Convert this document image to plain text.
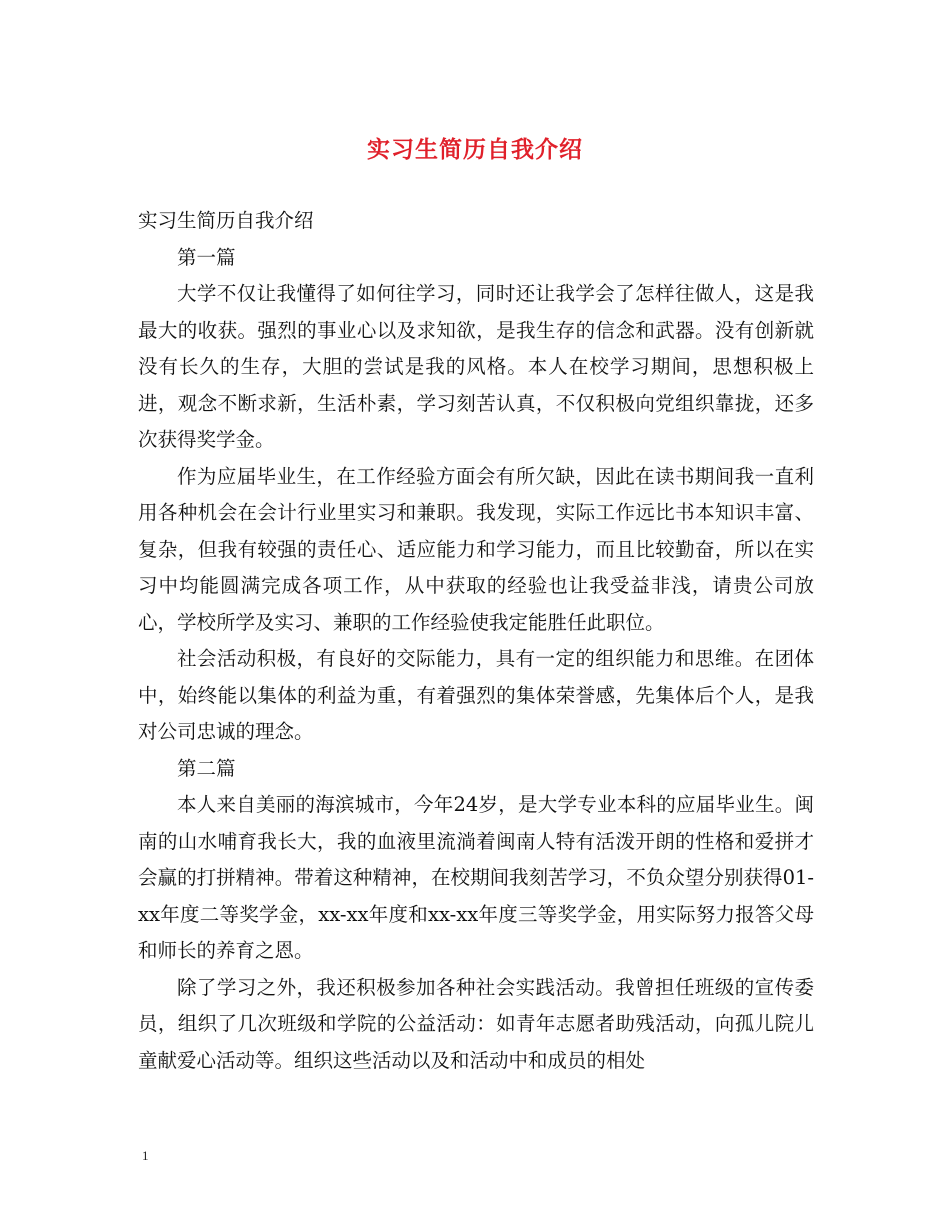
实习生简历自我介绍

实习生简历自我介绍

第一篇

大学不仅让我懂得了如何往学习，同时还让我学会了怎样往做人，这是我最大的收获。强烈的事业心以及求知欲，是我生存的信念和武器。没有创新就没有长久的生存，大胆的尝试是我的风格。本人在校学习期间，思想积极上进，观念不断求新，生活朴素，学习刻苦认真，不仅积极向党组织靠拢，还多次获得奖学金。

作为应届毕业生，在工作经验方面会有所欠缺，因此在读书期间我一直利用各种机会在会计行业里实习和兼职。我发现，实际工作远比书本知识丰富、复杂，但我有较强的责任心、适应能力和学习能力，而且比较勤奋，所以在实习中均能圆满完成各项工作，从中获取的经验也让我受益非浅，请贵公司放心，学校所学及实习、兼职的工作经验使我定能胜任此职位。

社会活动积极，有良好的交际能力，具有一定的组织能力和思维。在团体中，始终能以集体的利益为重，有着强烈的集体荣誉感，先集体后个人，是我对公司忠诚的理念。

第二篇

本人来自美丽的海滨城市，今年24岁，是大学专业本科的应届毕业生。闽南的山水哺育我长大，我的血液里流淌着闽南人特有活泼开朗的性格和爱拼才会赢的打拼精神。带着这种精神，在校期间我刻苦学习，不负众望分别获得01-xx年度二等奖学金，xx-xx年度和xx-xx年度三等奖学金，用实际努力报答父母和师长的养育之恩。

除了学习之外，我还积极参加各种社会实践活动。我曾担任班级的宣传委员，组织了几次班级和学院的公益活动：如青年志愿者助残活动，向孤儿院儿童献爱心活动等。组织这些活动以及和活动中和成员的相处

1
